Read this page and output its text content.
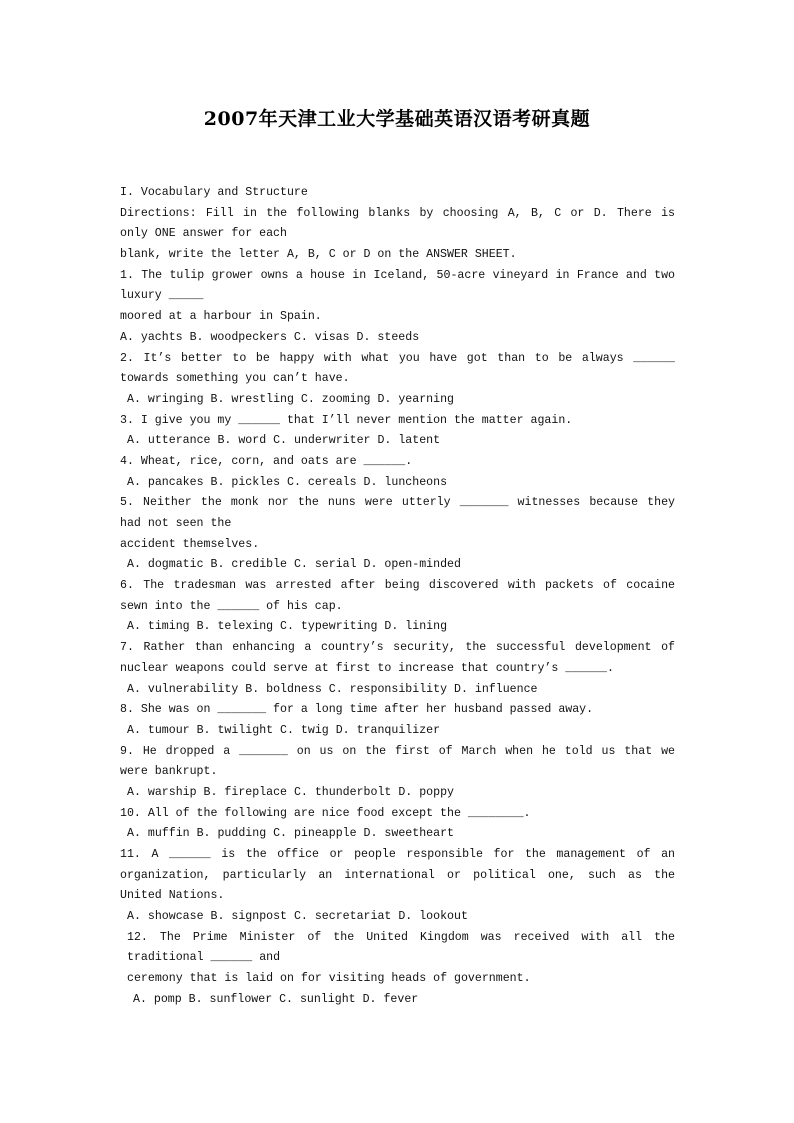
2007年天津工业大学基础英语汉语考研真题
I. Vocabulary and Structure
Directions: Fill in the following blanks by choosing A, B, C or D. There is
only ONE answer for each
blank, write the letter A, B, C or D on the ANSWER SHEET.
1. The tulip grower owns a house in Iceland, 50-acre vineyard in France and two
luxury _____
moored at a harbour in Spain.
A. yachts B. woodpeckers C. visas D. steeds
2. It’s better to be happy with what you have got than to be always ______
towards something you can’t have.
A. wringing B. wrestling C. zooming D. yearning
3. I give you my ______ that I’ll never mention the matter again.
A. utterance B. word C. underwriter D. latent
4. Wheat, rice, corn, and oats are ______.
A. pancakes B. pickles C. cereals D. luncheons
5. Neither the monk nor the nuns were utterly _______ witnesses because they
had not seen the
accident themselves.
A. dogmatic B. credible C. serial D. open-minded
6. The tradesman was arrested after being discovered with packets of cocaine
sewn into the ______ of his cap.
A. timing B. telexing C. typewriting D. lining
7. Rather than enhancing a country’s security, the successful development of
nuclear weapons could serve at first to increase that country’s ______.
A. vulnerability B. boldness C. responsibility D. influence
8. She was on _______ for a long time after her husband passed away.
A. tumour B. twilight C. twig D. tranquilizer
9. He dropped a _______ on us on the first of March when he told us that we
were bankrupt.
A. warship B. fireplace C. thunderbolt D. poppy
10. All of the following are nice food except the ________.
A. muffin B. pudding C. pineapple D. sweetheart
11. A ______ is the office or people responsible for the management of an
organization, particularly an international or political one, such as the
United Nations.
A. showcase B. signpost C. secretariat D. lookout
12. The Prime Minister of the United Kingdom was received with all the
traditional ______ and
ceremony that is laid on for visiting heads of government.
A. pomp B. sunflower C. sunlight D. fever
